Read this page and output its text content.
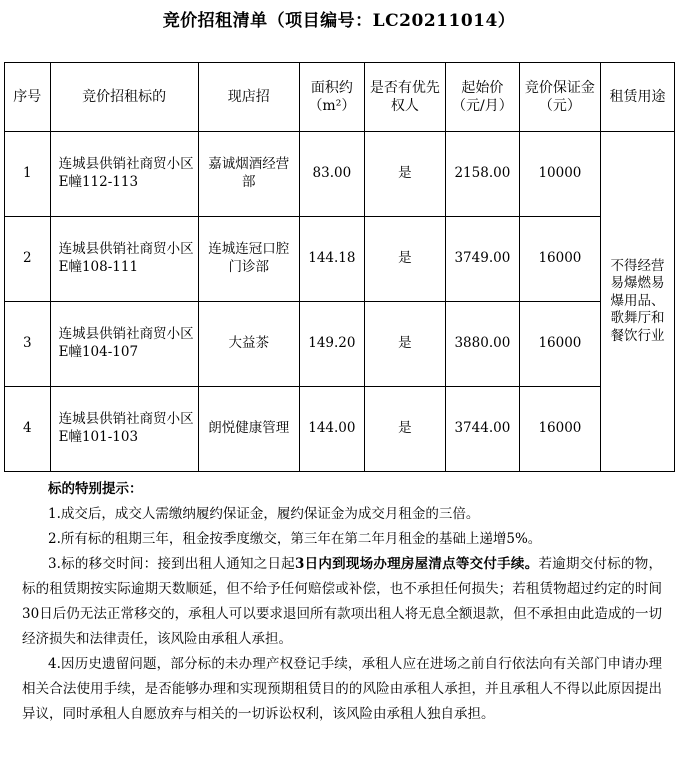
竞价招租清单（项目编号：LC20211014）
序号	竞价招租标的	现店招	面积约（m²）	是否有优先权人	起始价（元/月）	竞价保证金（元）	租赁用途
1	连城县供销社商贸小区E幢112-113	嘉诚烟酒经营部	83.00	是	2158.00	10000	不得经营易爆燃易爆用品、歌舞厅和餐饮行业
2	连城县供销社商贸小区E幢108-111	连城连冠口腔门诊部	144.18	是	3749.00	16000	
3	连城县供销社商贸小区E幢104-107	大益茶	149.20	是	3880.00	16000	
4	连城县供销社商贸小区E幢101-103	朗悦健康管理	144.00	是	3744.00	16000	

标的特别提示：

1.成交后，成交人需缴纳履约保证金，履约保证金为成交月租金的三倍。

2.所有标的租期三年，租金按季度缴交，第三年在第二年月租金的基础上递增5%。

3.标的移交时间：接到出租人通知之日起3日内到现场办理房屋清点等交付手续。若逾期交付标的物，标的租赁期按实际逾期天数顺延，但不给予任何赔偿或补偿，也不承担任何损失；若租赁物超过约定的时间30日后仍无法正常移交的，承租人可以要求退回所有款项出租人将无息全额退款，但不承担由此造成的一切经济损失和法律责任，该风险由承租人承担。

4.因历史遗留问题，部分标的未办理产权登记手续，承租人应在进场之前自行依法向有关部门申请办理相关合法使用手续，是否能够办理和实现预期租赁目的的风险由承租人承担，并且承租人不得以此原因提出异议，同时承租人自愿放弃与相关的一切诉讼权利，该风险由承租人独自承担。
